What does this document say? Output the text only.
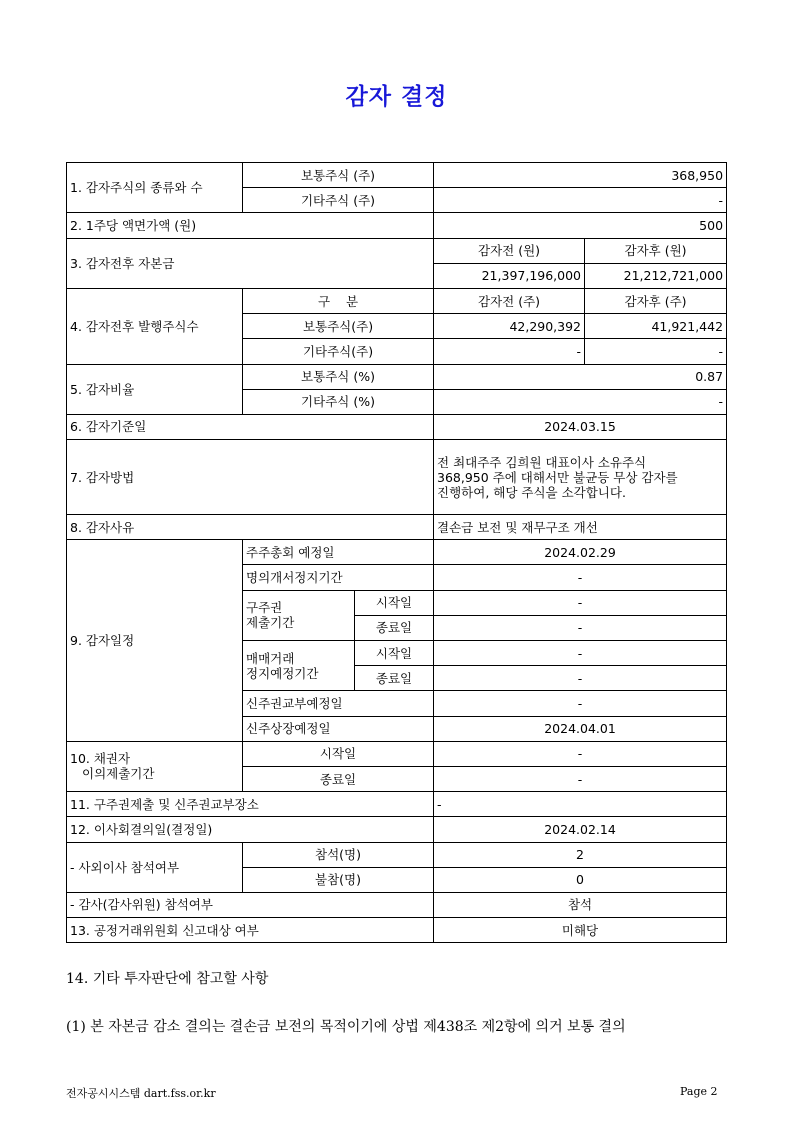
감자 결정
1. 감자주식의 종류와 수	보통주식 (주)		368,950	
	기타주식 (주)		-	
2. 1주당 액면가액 (원)			500	
3. 감자전후 자본금			감자전 (원)	감자후 (원)
			21,397,196,000	21,212,721,000
4. 감자전후 발행주식수	구    분		감자전 (주)	감자후 (주)
	보통주식(주)		42,290,392	41,921,442
	기타주식(주)		-	-
5. 감자비율	보통주식 (%)		0.87	
	기타주식 (%)		-	
6. 감자기준일			2024.03.15	
7. 감자방법			전 최대주주 김희원 대표이사 소유주식
368,950 주에 대해서만 불균등 무상 감자를
진행하여, 해당 주식을 소각합니다.	

8. 감자사유			결손금 보전 및 재무구조 개선	
9. 감자일정	주주총회 예정일		2024.02.29	
	명의개서정지기간		-	

	구주권
제출기간	시작일	-	
		종료일	-	

	매매거래
정지예정기간	시작일	-	
		종료일	-	
	신주권교부예정일		-	
	신주상장예정일		2024.04.01	

10. 채권자
이의제출기간	시작일		-	
	종료일		-	
11. 구주권제출 및 신주권교부장소			-	
12. 이사회결의일(결정일)			2024.02.14	
- 사외이사 참석여부	참석(명)		2	
	불참(명)		0	
- 감사(감사위원) 참석여부			참석	
13. 공정거래위원회 신고대상 여부			미해당	
14. 기타 투자판단에 참고할 사항
(1) 본 자본금 감소 결의는 결손금 보전의 목적이기에 상법 제438조 제2항에 의거 보통 결의
전자공시시스템 dart.fss.or.kr	Page 2
